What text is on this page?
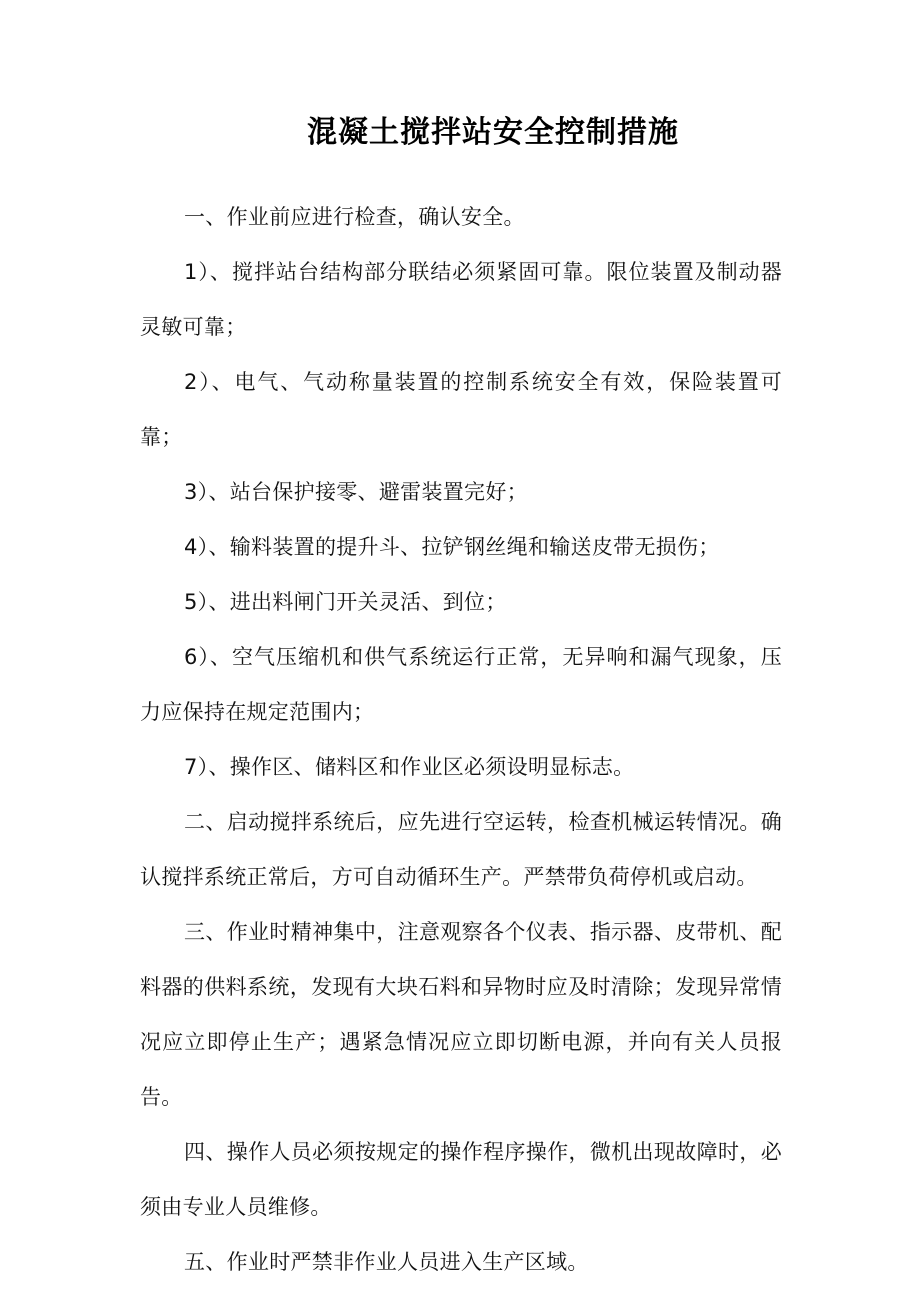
混凝土搅拌站安全控制措施

一、作业前应进行检查，确认安全。

1）、搅拌站台结构部分联结必须紧固可靠。限位装置及制动器灵敏可靠；

2）、电气、气动称量装置的控制系统安全有效，保险装置可靠；

3）、站台保护接零、避雷装置完好；

4）、输料装置的提升斗、拉铲钢丝绳和输送皮带无损伤；

5）、进出料闸门开关灵活、到位；

6）、空气压缩机和供气系统运行正常，无异响和漏气现象，压力应保持在规定范围内；

7）、操作区、储料区和作业区必须设明显标志。

二、启动搅拌系统后，应先进行空运转，检查机械运转情况。确认搅拌系统正常后，方可自动循环生产。严禁带负荷停机或启动。

三、作业时精神集中，注意观察各个仪表、指示器、皮带机、配料器的供料系统，发现有大块石料和异物时应及时清除；发现异常情况应立即停止生产；遇紧急情况应立即切断电源，并向有关人员报告。

四、操作人员必须按规定的操作程序操作，微机出现故障时，必须由专业人员维修。

五、作业时严禁非作业人员进入生产区域。
